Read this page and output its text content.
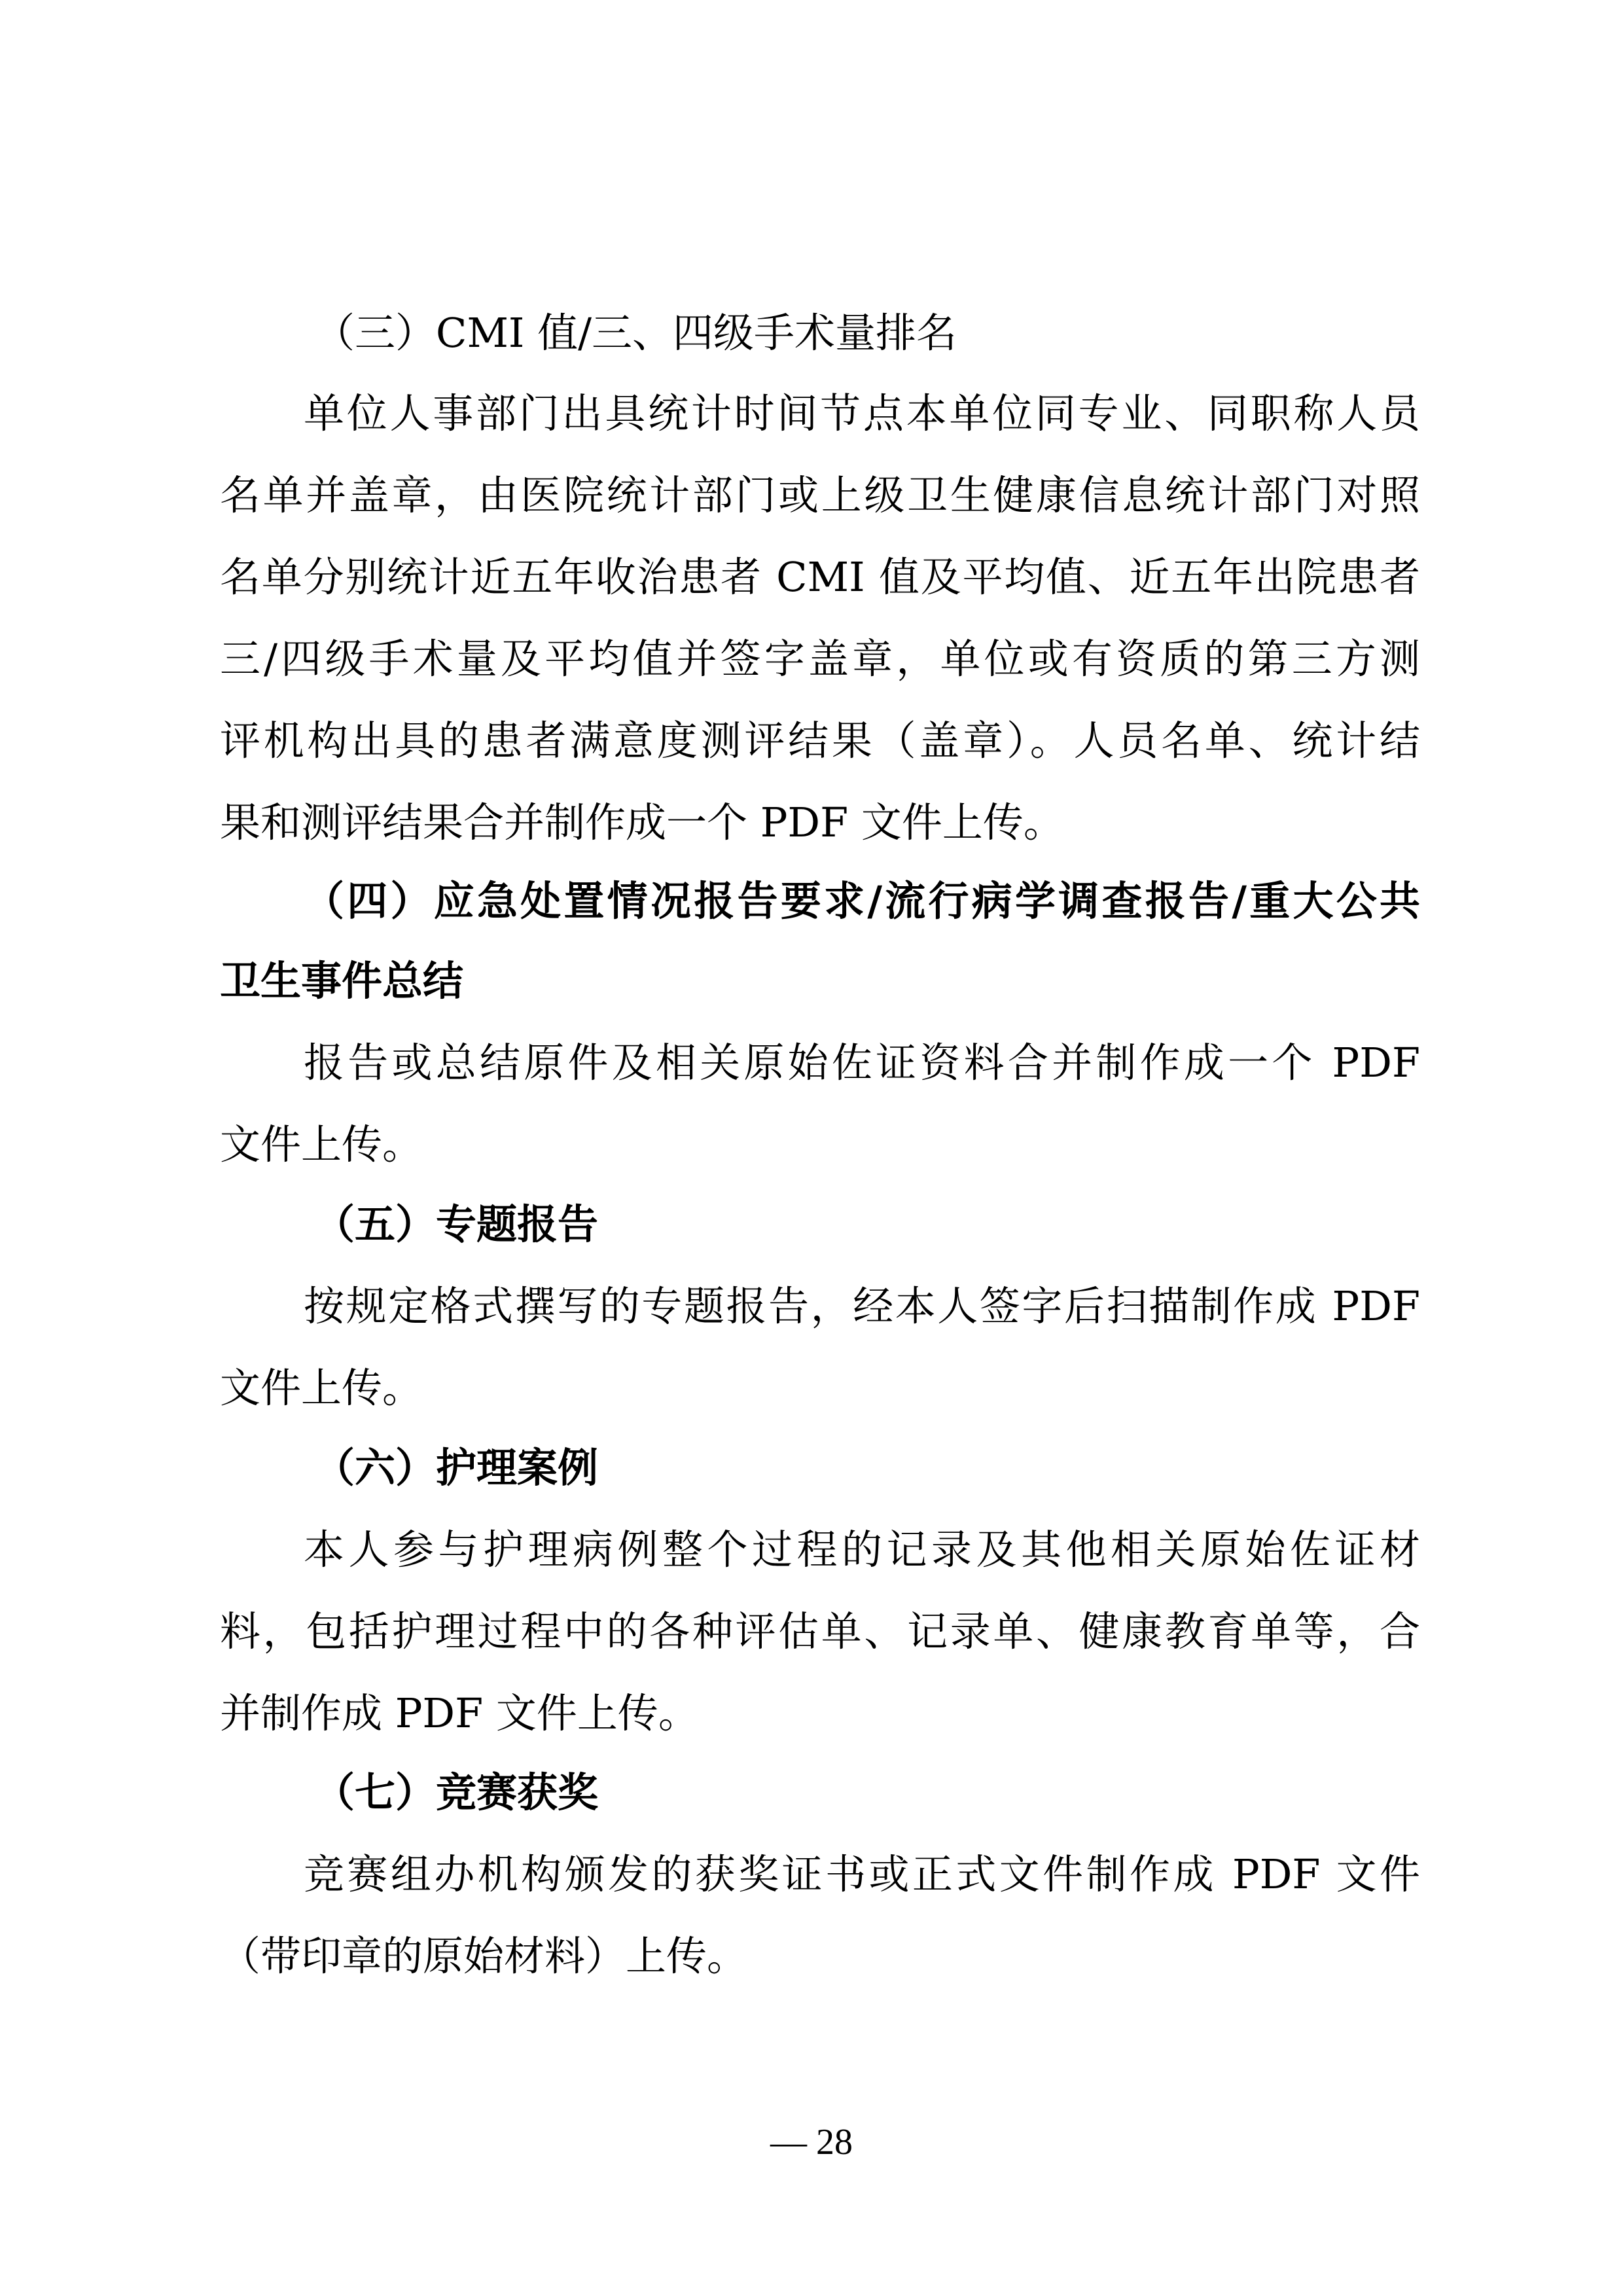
（三）CMI 值/三、四级手术量排名
单位人事部门出具统计时间节点本单位同专业、同职称人员
名单并盖章，由医院统计部门或上级卫生健康信息统计部门对照
名单分别统计近五年收治患者 CMI 值及平均值、近五年出院患者
三/四级手术量及平均值并签字盖章，单位或有资质的第三方测
评机构出具的患者满意度测评结果（盖章）。人员名单、统计结
果和测评结果合并制作成一个 PDF 文件上传。
（四）应急处置情况报告要求/流行病学调查报告/重大公共
卫生事件总结
报告或总结原件及相关原始佐证资料合并制作成一个 PDF
文件上传。
（五）专题报告
按规定格式撰写的专题报告，经本人签字后扫描制作成 PDF
文件上传。
（六）护理案例
本人参与护理病例整个过程的记录及其他相关原始佐证材
料，包括护理过程中的各种评估单、记录单、健康教育单等，合
并制作成 PDF 文件上传。
（七）竞赛获奖
竞赛组办机构颁发的获奖证书或正式文件制作成 PDF 文件
（带印章的原始材料）上传。
— 28
